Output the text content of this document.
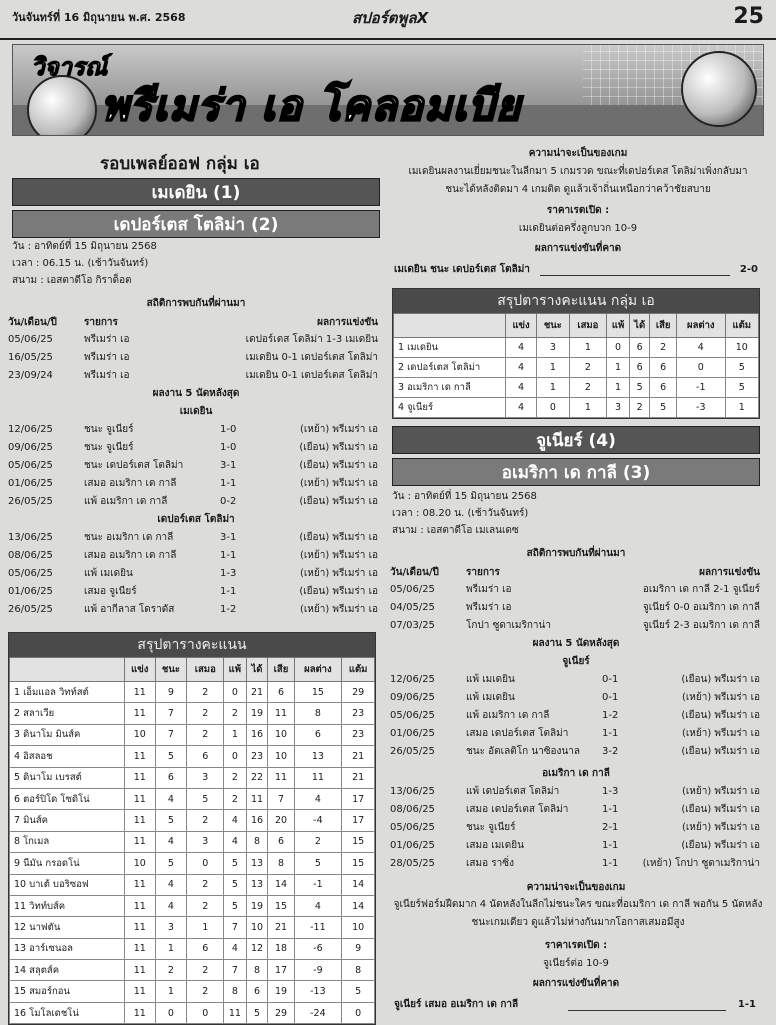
วันจันทร์ที่ 16 มิถุนายน พ.ศ. 2568	สปอร์ตพูลX	25
วิจารณ์
พรีเมร่า เอ โคลอมเบีย
รอบเพลย์ออฟ กลุ่ม เอ
เมเดยิน (1)
เดปอร์เตส โตลิม่า (2)
วัน : อาทิตย์ที่ 15 มิถุนายน 2568
เวลา : 06.15 น. (เช้าวันจันทร์)
สนาม : เอสตาดีโอ กิราด็อต
สถิติการพบกันที่ผ่านมา
วัน/เดือน/ปี	รายการ	ผลการแข่งขัน
05/06/25	พรีเมร่า เอ	เดปอร์เตส โตลิม่า 1-3 เมเดยิน
16/05/25	พรีเมร่า เอ	เมเดยิน 0-1 เดปอร์เตส โตลิม่า
23/09/24	พรีเมร่า เอ	เมเดยิน 0-1 เดปอร์เตส โตลิม่า
ผลงาน 5 นัดหลังสุด
เมเดยิน
12/06/25	ชนะ จูเนียร์	1-0	(เหย้า) พรีเมร่า เอ
09/06/25	ชนะ จูเนียร์	1-0	(เยือน) พรีเมร่า เอ
05/06/25	ชนะ เดปอร์เตส โตลิม่า	3-1	(เยือน) พรีเมร่า เอ
01/06/25	เสมอ อเมริกา เด กาลี	1-1	(เหย้า) พรีเมร่า เอ
26/05/25	แพ้ อเมริกา เด กาลี	0-2	(เยือน) พรีเมร่า เอ
เดปอร์เตส โตลิม่า
13/06/25	ชนะ อเมริกา เด กาลี	3-1	(เยือน) พรีเมร่า เอ
08/06/25	เสมอ อเมริกา เด กาลี	1-1	(เหย้า) พรีเมร่า เอ
05/06/25	แพ้ เมเดยิน	1-3	(เหย้า) พรีเมร่า เอ
01/06/25	เสมอ จูเนียร์	1-1	(เยือน) พรีเมร่า เอ
26/05/25	แพ้ อากีลาส โดราดัส	1-2	(เหย้า) พรีเมร่า เอ
สรุปตารางคะแนน
	แข่ง	ชนะ	เสมอ	แพ้	ได้	เสีย	ผลต่าง	แต้ม
1 เอ็มแอล วิทท์สต์	11	9	2	0	21	6	15	29
2 สลาเวีย	11	7	2	2	19	11	8	23
3 ดินาโม มินส์ค	10	7	2	1	16	10	6	23
4 อิสลอช	11	5	6	0	23	10	13	21
5 ดินาโม เบรสต์	11	6	3	2	22	11	11	21
6 ตอร์ปิโด โซดิโน่	11	4	5	2	11	7	4	17
7 มินส์ค	11	5	2	4	16	20	-4	17
8 โกเมล	11	4	3	4	8	6	2	15
9 นีมัน กรอดโน่	10	5	0	5	13	8	5	15
10 บาเต้ บอริซอฟ	11	4	2	5	13	14	-1	14
11 วิทท์บส์ค	11	4	2	5	19	15	4	14
12 นาฟตัน	11	3	1	7	10	21	-11	10
13 อาร์เซนอล	11	1	6	4	12	18	-6	9
14 สลุตส์ค	11	2	2	7	8	17	-9	8
15 สมอร์กอน	11	1	2	8	6	19	-13	5
16 โมโลเดชโน่	11	0	0	11	5	29	-24	0
ความน่าจะเป็นของเกม
เมเดยินผลงานเยี่ยมชนะในลีกมา 5 เกมรวด ขณะที่เดปอร์เตส โตลิม่าเพิ่งกลับมาชนะได้หลังติดมา 4 เกมติด ดูแล้วเจ้าถิ่นเหนือกว่าคว้าชัยสบาย
ราคาเรตเปิด :
เมเดยินต่อครึ่งลูกบวก 10-9
ผลการแข่งขันที่คาด
เมเดยิน ชนะ เดปอร์เตส โตลิม่า	2-0
สรุปตารางคะแนน กลุ่ม เอ
	แข่ง	ชนะ	เสมอ	แพ้	ได้	เสีย	ผลต่าง	แต้ม
1 เมเดยิน	4	3	1	0	6	2	4	10
2 เดปอร์เตส โตลิม่า	4	1	2	1	6	6	0	5
3 อเมริกา เด กาลี	4	1	2	1	5	6	-1	5
4 จูเนียร์	4	0	1	3	2	5	-3	1
จูเนียร์ (4)
อเมริกา เด กาลี (3)
วัน : อาทิตย์ที่ 15 มิถุนายน 2568
เวลา : 08.20 น. (เช้าวันจันทร์)
สนาม : เอสตาดีโอ เมเลนเดซ
สถิติการพบกันที่ผ่านมา
วัน/เดือน/ปี	รายการ	ผลการแข่งขัน
05/06/25	พรีเมร่า เอ	อเมริกา เด กาลี 2-1 จูเนียร์
04/05/25	พรีเมร่า เอ	จูเนียร์ 0-0 อเมริกา เด กาลี
07/03/25	โกปา ซูดาเมริกาน่า	จูเนียร์ 2-3 อเมริกา เด กาลี
ผลงาน 5 นัดหลังสุด
จูเนียร์
12/06/25	แพ้ เมเดยิน	0-1	(เยือน) พรีเมร่า เอ
09/06/25	แพ้ เมเดยิน	0-1	(เหย้า) พรีเมร่า เอ
05/06/25	แพ้ อเมริกา เด กาลี	1-2	(เยือน) พรีเมร่า เอ
01/06/25	เสมอ เดปอร์เตส โตลิม่า	1-1	(เหย้า) พรีเมร่า เอ
26/05/25	ชนะ อัตเลติโก นาซิองนาล 3-2	(เยือน) พรีเมร่า เอ
อเมริกา เด กาลี
13/06/25	แพ้ เดปอร์เตส โตลิม่า	1-3	(เหย้า) พรีเมร่า เอ
08/06/25	เสมอ เดปอร์เตส โตลิม่า	1-1	(เยือน) พรีเมร่า เอ
05/06/25	ชนะ จูเนียร์	2-1	(เหย้า) พรีเมร่า เอ
01/06/25	เสมอ เมเดยิน	1-1	(เยือน) พรีเมร่า เอ
28/05/25	เสมอ ราซิ่ง	1-1 (เหย้า) โกปา ซูดาเมริกาน่า
ความน่าจะเป็นของเกม
จูเนียร์ฟอร์มฝืดมาก 4 นัดหลังในลีกไม่ชนะใคร ขณะที่อเมริกา เด กาลี พอกัน 5 นัดหลังชนะเกมเดียว ดูแล้วไม่ห่างกันมากโอกาสเสมอมีสูง
ราคาเรตเปิด :
จูเนียร์ต่อ 10-9
ผลการแข่งขันที่คาด
จูเนียร์ เสมอ อเมริกา เด กาลี	1-1
